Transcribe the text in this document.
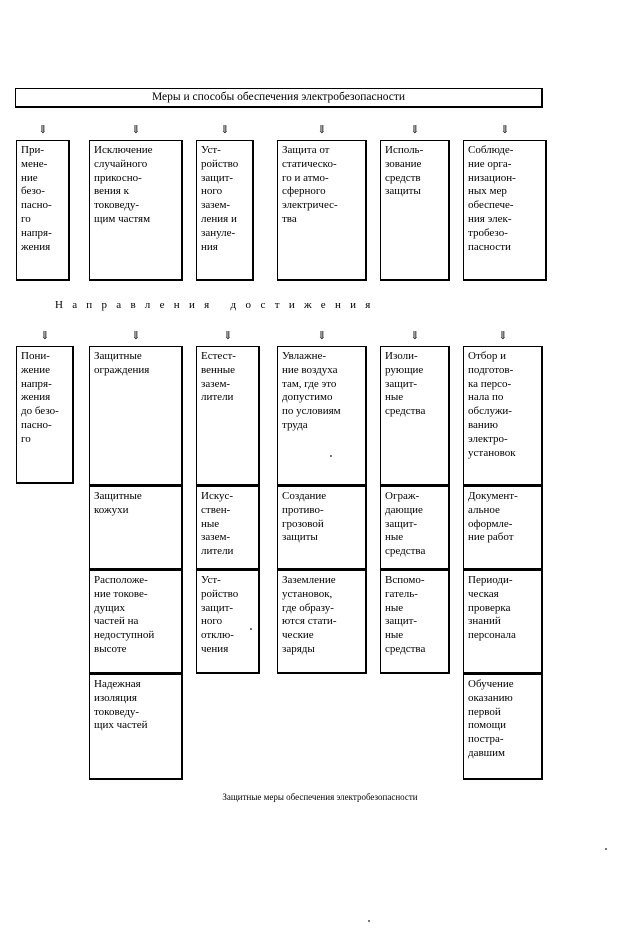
Меры и способы обеспечения электробезопасности
⇓
При-
мене-
ние
безо-
пасно-
го
напря-
жения
⇓
Исключение
случайного
прикосно-
вения к
токоведу-
щим частям
⇓
Уст-
ройство
защит-
ного
зазем-
ления и
зануле-
ния
⇓
Защита от
статическо-
го и атмо-
сферного
электричес-
тва
⇓
Исполь-
зование
средств
защиты
⇓
Соблюде-
ние орга-
низацион-
ных мер
обеспече-
ния элек-
тробезо-
пасности
⇓
Пони-
жение
напря-
жения
до безо-
пасно-
го
⇓
Защитные
ограждения
Защитные
кожухи
Расположе-
ние токове-
дущих
частей на
недоступной
высоте
Надежная
изоляция
токоведу-
щих частей
⇓
Естест-
венные
зазем-
лители
Искус-
ствен-
ные
зазем-
лители
Уст-
ройство
защит-
ного
отклю-
чения
⇓
Увлажне-
ние воздуха
там, где это
допустимо
по условиям
труда
Создание
противо-
грозовой
защиты
Заземление
установок,
где образу-
ются стати-
ческие
заряды
⇓
Изоли-
рующие
защит-
ные
средства
Ограж-
дающие
защит-
ные
средства
Вспомо-
гатель-
ные
защит-
ные
средства
⇓
Отбор и
подготов-
ка персо-
нала по
обслужи-
ванию
электро-
установок
Документ-
альное
оформле-
ние работ
Периоди-
ческая
проверка
знаний
персонала
Обучение
оказанию
первой
помощи
постра-
давшим
Направления достижения
Защитные меры обеспечения электробезопасности
